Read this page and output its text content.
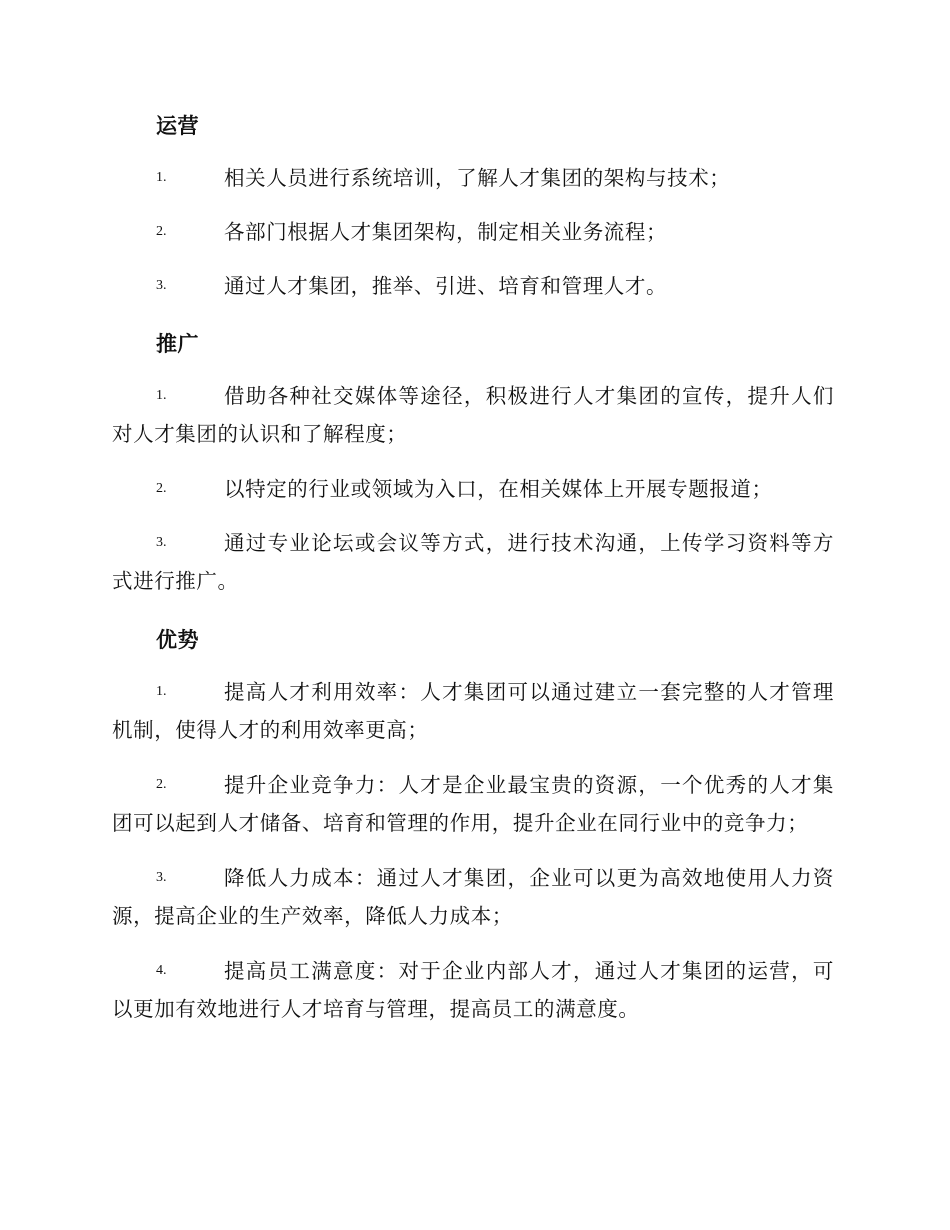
运营

1.	相关人员进行系统培训，了解人才集团的架构与技术；

2.	各部门根据人才集团架构，制定相关业务流程；

3.	通过人才集团，推举、引进、培育和管理人才。

推广

1.	借助各种社交媒体等途径，积极进行人才集团的宣传，提升人们对人才集团的认识和了解程度；

2.	以特定的行业或领域为入口，在相关媒体上开展专题报道；

3.	通过专业论坛或会议等方式，进行技术沟通，上传学习资料等方式进行推广。

优势

1.	提高人才利用效率：人才集团可以通过建立一套完整的人才管理机制，使得人才的利用效率更高；

2.	提升企业竞争力：人才是企业最宝贵的资源，一个优秀的人才集团可以起到人才储备、培育和管理的作用，提升企业在同行业中的竞争力；

3.	降低人力成本：通过人才集团，企业可以更为高效地使用人力资源，提高企业的生产效率，降低人力成本；

4.	提高员工满意度：对于企业内部人才，通过人才集团的运营，可以更加有效地进行人才培育与管理，提高员工的满意度。
